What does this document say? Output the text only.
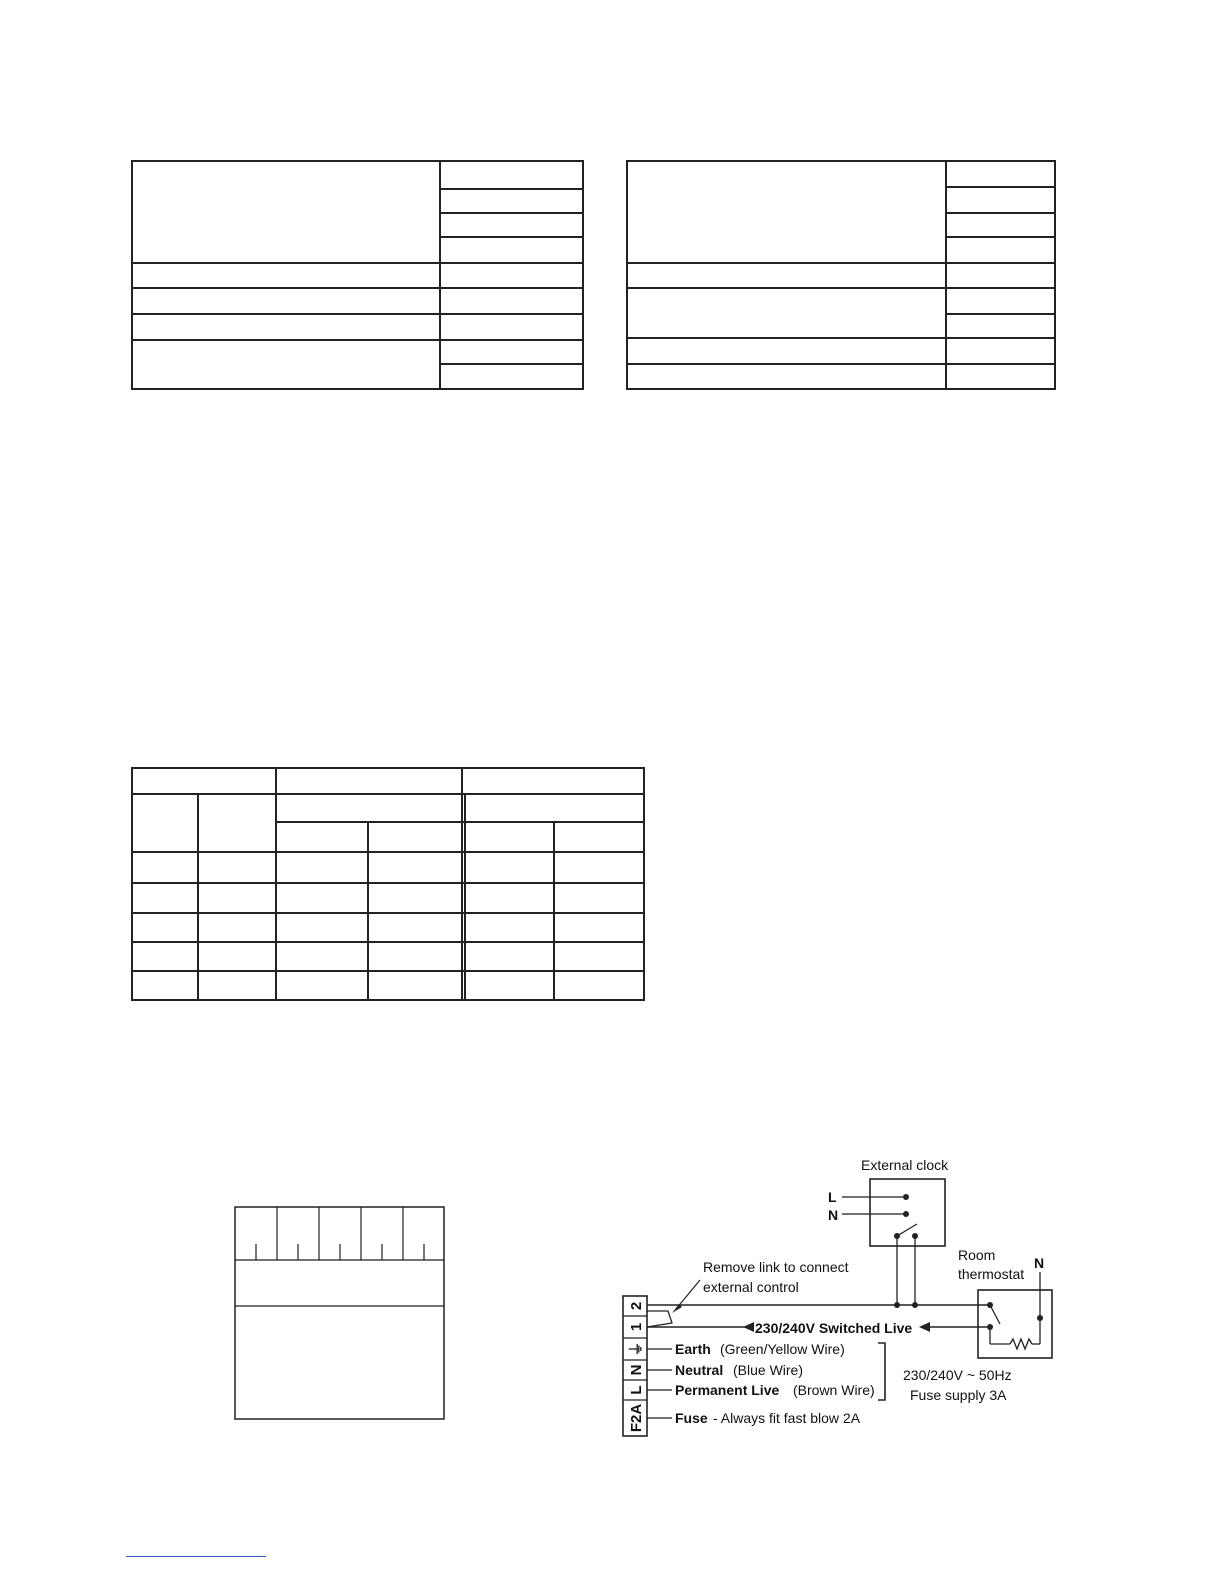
External clock
L
N
Room
thermostat
N
Remove link to connect
external control
230/240V Switched Live
2
1
⏚
N
L
F2A
Earth (Green/Yellow Wire)
Neutral (Blue Wire)
Permanent Live (Brown Wire)
Fuse - Always fit fast blow 2A
230/240V ~ 50Hz
Fuse supply 3A
